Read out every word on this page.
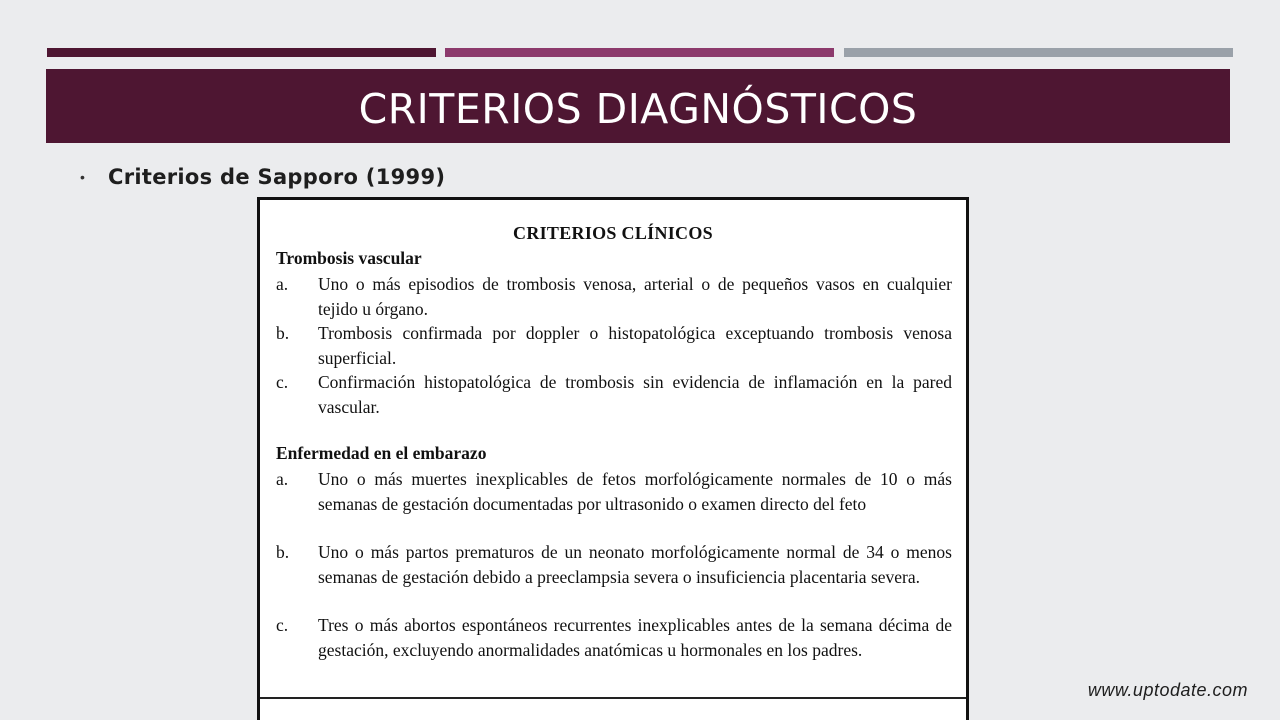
CRITERIOS DIAGNÓSTICOS
•	Criterios de Sapporo (1999)
CRITERIOS CLÍNICOS
Trombosis vascular
a. Uno o más episodios de trombosis venosa, arterial o de pequeños vasos en cualquier tejido u órgano.
b. Trombosis confirmada por doppler o histopatológica exceptuando trombosis venosa superficial.
c. Confirmación histopatológica de trombosis sin evidencia de inflamación en la pared vascular.
Enfermedad en el embarazo
a. Uno o más muertes inexplicables de fetos morfológicamente normales de 10 o más semanas de gestación documentadas por ultrasonido o examen directo del feto
b. Uno o más partos prematuros de un neonato morfológicamente normal de 34 o menos semanas de gestación debido a preeclampsia severa o insuficiencia placentaria severa.
c. Tres o más abortos espontáneos recurrentes inexplicables antes de la semana décima de gestación, excluyendo anormalidades anatómicas u hormonales en los padres.
www.uptodate.com
